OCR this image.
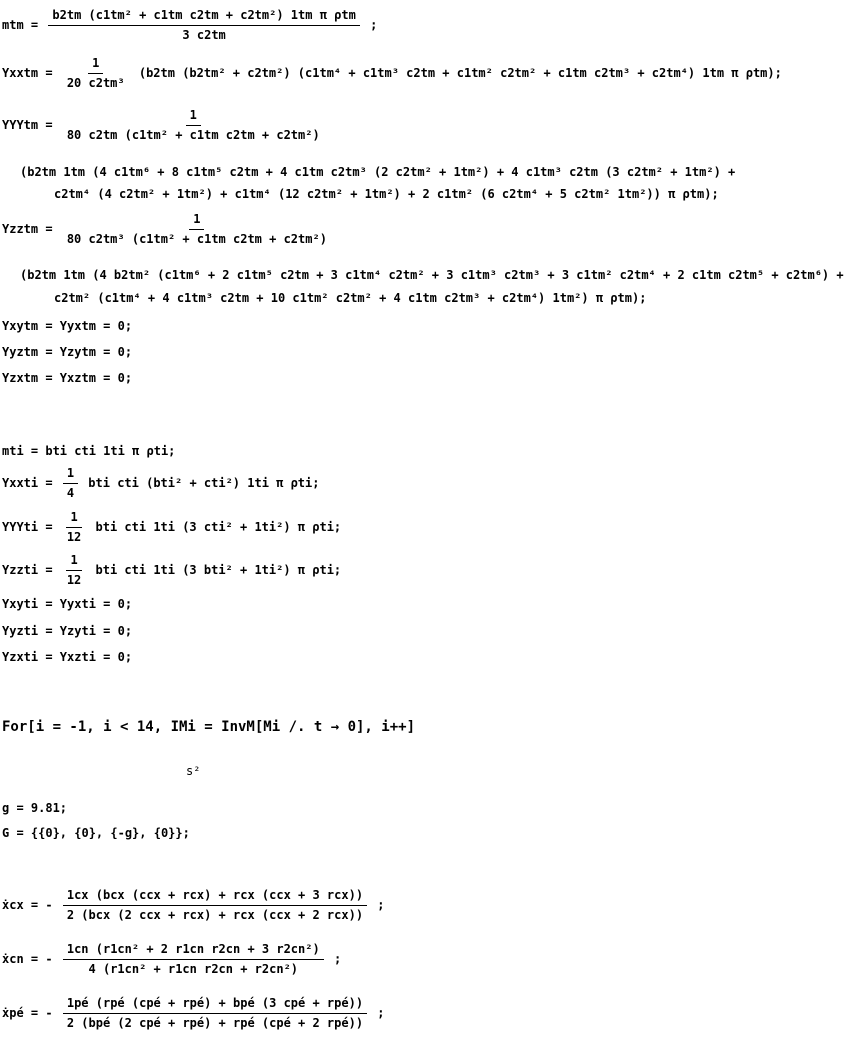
mtm = $\frac{\text{b2tm (c1tm² + c1tm c2tm + c2tm²) 1tm π ρtm}}{3 c2tm}$ ;
Yxxtm = $\frac{1}{\text{20 c2tm³}} (b2tm$ (b2tm² + c2tm²) (c1tm⁴ + c1tm³ c2tm + c1tm² c2tm² + c1tm c2tm³ + c2tm⁴) 1tm π ρtm);
YYYtm = $\frac{1}{\text{80 c2tm (c1tm² + c1tm c2tm + c2tm²)}}$
(b2tm 1tm (4 c1tm⁶ + 8 c1tm⁵ c2tm + 4 c1tm c2tm³ (2 c2tm² + 1tm²) + 4 c1tm³ c2tm (3 c2tm² + 1tm²) +
c2tm⁴ (4 c2tm² + 1tm²) + c1tm⁴ (12 c2tm² + 1tm²) + 2 c1tm² (6 c2tm⁴ + 5 c2tm² 1tm²)) π ρtm);
Yzztm = $\frac{1}{\text{80 c2tm³ (c1tm² + c1tm c2tm + c2tm²)}}$
(b2tm 1tm (4 b2tm² (c1tm⁶ + 2 c1tm⁵ c2tm + 3 c1tm⁴ c2tm² + 3 c1tm³ c2tm³ + 3 c1tm² c2tm⁴ + 2 c1tm c2tm⁵ + c2tm⁶) +
c2tm² (c1tm⁴ + 4 c1tm³ c2tm + 10 c1tm² c2tm² + 4 c1tm c2tm³ + c2tm⁴) 1tm²) π ρtm);
Yxytm = Yyxtm = 0;
Yyztm = Yzytm = 0;
Yzxtm = Yxztm = 0;
mti = bti cti 1ti π ρti;
Yxxti = $\frac{1}{4}$ bti cti (bti² + cti²) 1ti π ρti;
YYYti = $\frac{1}{12}$ bti cti 1ti (3 cti² + 1ti²) π ρti;
Yzzti = $\frac{1}{12}$ bti cti 1ti (3 bti² + 1ti²) π ρti;
Yxyti = Yyxti = 0;
Yyzti = Yzyti = 0;
Yzxti = Yxzti = 0;
For[i = -1, i < 14, IMi = InvM[Mi /. t → 0], i++]
s²
g = 9.81;
G = {{0}, {0}, {-g}, {0}};
ẋcx = - $\frac{\text{1cx (bcx (ccx + rcx) + rcx (ccx + 3 rcx))}}{\text{2 (bcx (2 ccx + rcx) + rcx (ccx + 2 rcx))}}$ ;
ẋcn = - $\frac{\text{1cn (r1cn² + 2 r1cn r2cn + 3 r2cn²)}}{\text{4 (r1cn² + r1cn r2cn + r2cn²)}}$ ;
ẋpé = - $\frac{\text{1pé (rpé (cpé + rpé) + bpé (3 cpé + rpé))}}{\text{2 (bpé (2 cpé + rpé) + rpé (cpé + 2 rpé))}}$ ;
